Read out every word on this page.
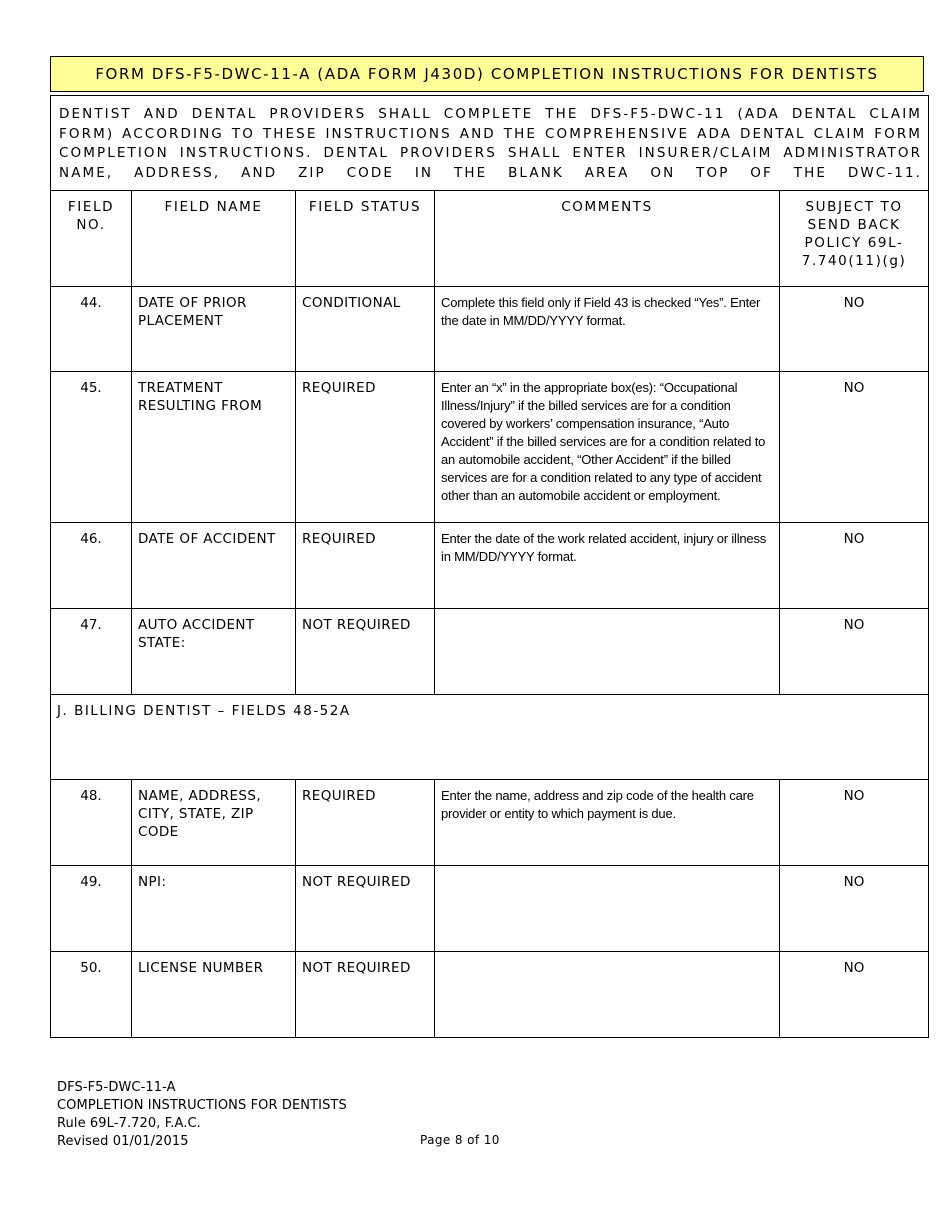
FORM DFS-F5-DWC-11-A (ADA FORM J430D) COMPLETION INSTRUCTIONS FOR DENTISTS
DENTIST AND DENTAL PROVIDERS SHALL COMPLETE THE DFS-F5-DWC-11 (ADA DENTAL CLAIM FORM) ACCORDING TO THESE INSTRUCTIONS AND THE COMPREHENSIVE ADA DENTAL CLAIM FORM COMPLETION INSTRUCTIONS. DENTAL PROVIDERS SHALL ENTER INSURER/CLAIM ADMINISTRATOR NAME, ADDRESS, AND ZIP CODE IN THE BLANK AREA ON TOP OF THE DWC-11.				

FIELD NO.	FIELD NAME	FIELD STATUS	COMMENTS	SUBJECT TO SEND BACK POLICY 69L-7.740(11)(g)

44.	DATE OF PRIOR PLACEMENT	CONDITIONAL	Complete this field only if Field 43 is checked “Yes”. Enter the date in MM/DD/YYYY format.	NO

45.	TREATMENT RESULTING FROM	REQUIRED	Enter an “x” in the appropriate box(es): “Occupational Illness/Injury” if the billed services are for a condition covered by workers’ compensation insurance, “Auto Accident” if the billed services are for a condition related to an automobile accident, “Other Accident” if the billed services are for a condition related to any type of accident other than an automobile accident or employment.	NO

46.	DATE OF ACCIDENT	REQUIRED	Enter the date of the work related accident, injury or illness in MM/DD/YYYY format.	NO

47.	AUTO ACCIDENT STATE:	NOT REQUIRED		NO

J. BILLING DENTIST – FIELDS 48-52A				

48.	NAME, ADDRESS, CITY, STATE, ZIP CODE	REQUIRED	Enter the name, address and zip code of the health care provider or entity to which payment is due.	NO

49.	NPI:	NOT REQUIRED		NO

50.	LICENSE NUMBER	NOT REQUIRED		NO
DFS-F5-DWC-11-A
COMPLETION INSTRUCTIONS FOR DENTISTS
Rule 69L-7.720, F.A.C.
Revised 01/01/2015	Page 8 of 10
